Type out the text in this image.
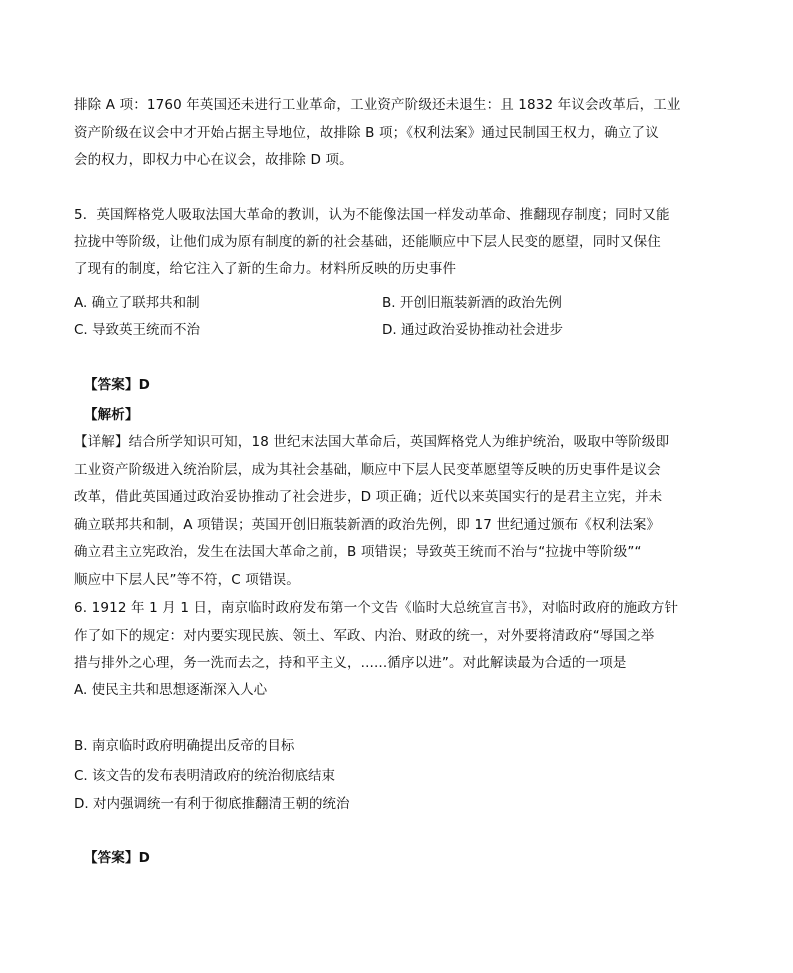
排除 A 项：1760 年英国还未进行工业革命，工业资产阶级还未退生：且 1832 年议会改革后，工业
资产阶级在议会中才开始占据主导地位，故排除 B 项；《权利法案》通过民制国王权力，确立了议
会的权力，即权力中心在议会，故排除 D 项。
5．英国辉格党人吸取法国大革命的教训，认为不能像法国一样发动革命、推翻现存制度；同时又能
拉拢中等阶级，让他们成为原有制度的新的社会基础，还能顺应中下层人民变的愿望，同时又保住
了现有的制度，给它注入了新的生命力。材料所反映的历史事件
A. 确立了联邦共和制	B. 开创旧瓶装新酒的政治先例
C. 导致英王统而不治	D. 通过政治妥协推动社会进步
【答案】D
【解析】
【详解】结合所学知识可知，18 世纪末法国大革命后，英国辉格党人为维护统治，吸取中等阶级即
工业资产阶级进入统治阶层，成为其社会基础，顺应中下层人民变革愿望等反映的历史事件是议会
改革，借此英国通过政治妥协推动了社会进步，D 项正确；近代以来英国实行的是君主立宪，并未
确立联邦共和制，A 项错误；英国开创旧瓶装新酒的政治先例，即 17 世纪通过颁布《权利法案》
确立君主立宪政治，发生在法国大革命之前，B 项错误；导致英王统而不治与“拉拢中等阶级”“
顺应中下层人民”等不符，C 项错误。
6. 1912 年 1 月 1 日，南京临时政府发布第一个文告《临时大总统宣言书》，对临时政府的施政方针
作了如下的规定：对内要实现民族、领土、军政、内治、财政的统一，对外要将清政府“辱国之举
措与排外之心理，务一洗而去之，持和平主义，......循序以进”。对此解读最为合适的一项是
A. 使民主共和思想逐渐深入人心
B. 南京临时政府明确提出反帝的目标
C. 该文告的发布表明清政府的统治彻底结束
D. 对内强调统一有利于彻底推翻清王朝的统治
【答案】D
